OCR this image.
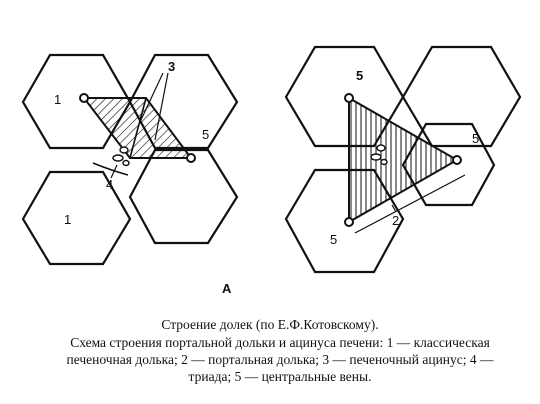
1
3
5
4
1
5
5
2
5
A
Строение долек (по Е.Ф.Котовскому).
Схема строения портальной дольки и ацинуса печени: 1 — классическая печеночная долька; 2 — портальная долька; 3 — печеночный ацинус; 4 — триада; 5 — центральные вены.
